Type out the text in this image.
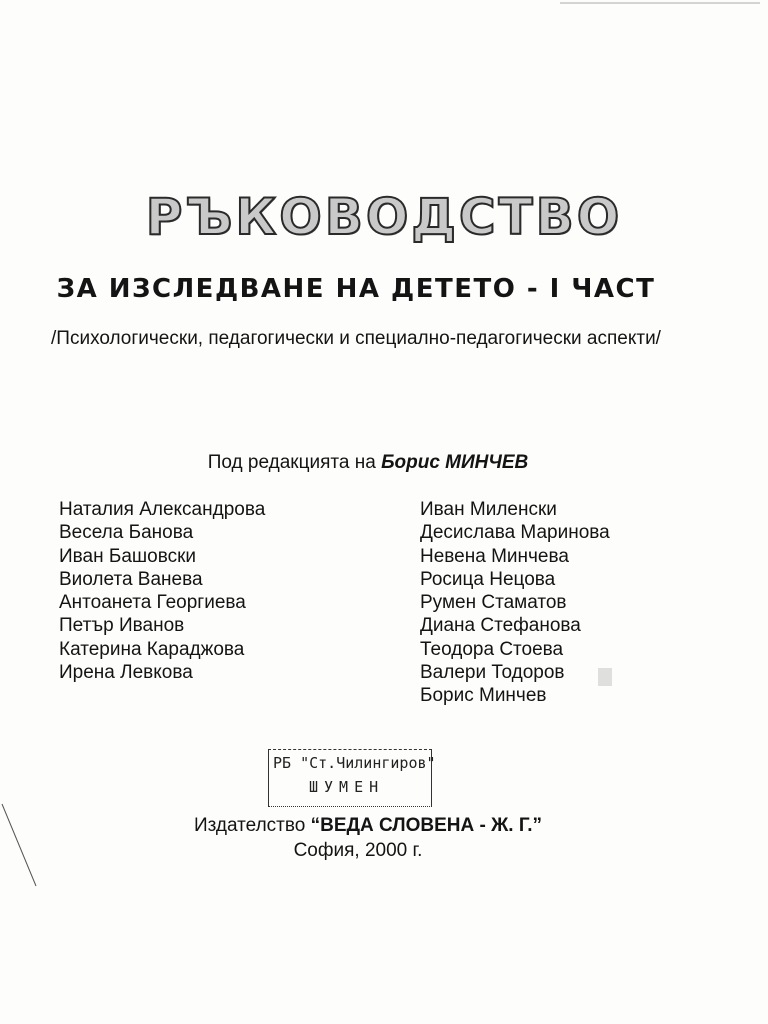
РЪКОВОДСТВО
ЗА ИЗСЛЕДВАНЕ НА ДЕТЕТО - I ЧАСТ
/Психологически, педагогически и специално-педагогически аспекти/
Под редакцията на Борис МИНЧЕВ
Наталия Александрова
Весела Банова
Иван Башовски
Виолета Ванева
Антоанета Георгиева
Петър Иванов
Катерина Караджова
Ирена Левкова
Иван Миленски
Десислава Маринова
Невена Минчева
Росица Нецова
Румен Стаматов
Диана Стефанова
Теодора Стоева
Валери Тодоров
Борис Минчев
РБ "Ст.Чилингиров"
ШУМЕН
Издателство “ВЕДА СЛОВЕНА - Ж. Г.”
София, 2000 г.
